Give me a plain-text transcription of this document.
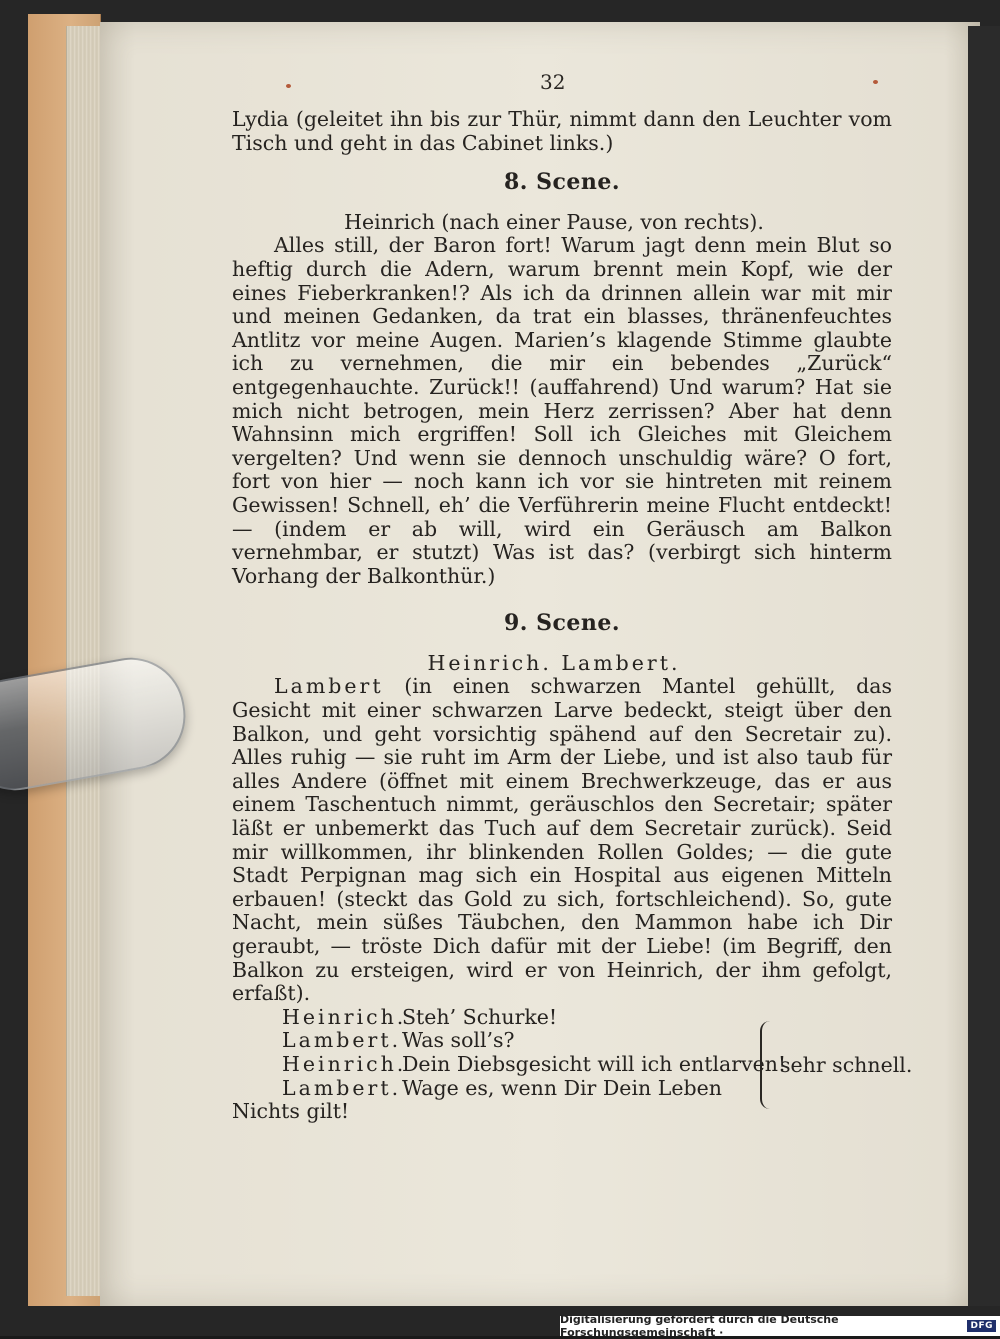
32

Lydia (geleitet ihn bis zur Thür, nimmt dann den Leuchter vom Tisch und geht in das Cabinet links.)

8. Scene.

Heinrich (nach einer Pause, von rechts).

Alles still, der Baron fort! Warum jagt denn mein Blut so heftig durch die Adern, warum brennt mein Kopf, wie der eines Fieberkranken!? Als ich da drinnen allein war mit mir und meinen Gedanken, da trat ein blasses, thränenfeuchtes Antlitz vor meine Augen. Marien’s klagende Stimme glaubte ich zu vernehmen, die mir ein bebendes „Zurück“ entgegenhauchte. Zurück!! (auffahrend) Und warum? Hat sie mich nicht betrogen, mein Herz zerrissen? Aber hat denn Wahnsinn mich ergriffen! Soll ich Gleiches mit Gleichem vergelten? Und wenn sie dennoch unschuldig wäre? O fort, fort von hier — noch kann ich vor sie hintreten mit reinem Gewissen! Schnell, eh’ die Verführerin meine Flucht entdeckt! — (indem er ab will, wird ein Geräusch am Balkon vernehmbar, er stutzt) Was ist das? (verbirgt sich hinterm Vorhang der Balkonthür.)

9. Scene.

Heinrich. Lambert.

Lambert (in einen schwarzen Mantel gehüllt, das Gesicht mit einer schwarzen Larve bedeckt, steigt über den Balkon, und geht vorsichtig spähend auf den Secretair zu). Alles ruhig — sie ruht im Arm der Liebe, und ist also taub für alles Andere (öffnet mit einem Brechwerkzeuge, das er aus einem Taschentuch nimmt, geräuschlos den Secretair; später läßt er unbemerkt das Tuch auf dem Secretair zurück). Seid mir willkommen, ihr blinkenden Rollen Goldes; — die gute Stadt Perpignan mag sich ein Hospital aus eigenen Mitteln erbauen! (steckt das Gold zu sich, fortschleichend). So, gute Nacht, mein süßes Täubchen, den Mammon habe ich Dir geraubt, — tröste Dich dafür mit der Liebe! (im Begriff, den Balkon zu ersteigen, wird er von Heinrich, der ihm gefolgt, erfaßt).

Heinrich.
Steh’ Schurke!
Lambert. Was soll’s?
Heinrich.
Dein Diebsgesicht will ich entlarven!
Lambert. Wage es, wenn Dir Dein Leben

Nichts gilt!

sehr schnell.
Digitalisierung gefördert durch die Deutsche Forschungsgemeinschaft ·	DFG
